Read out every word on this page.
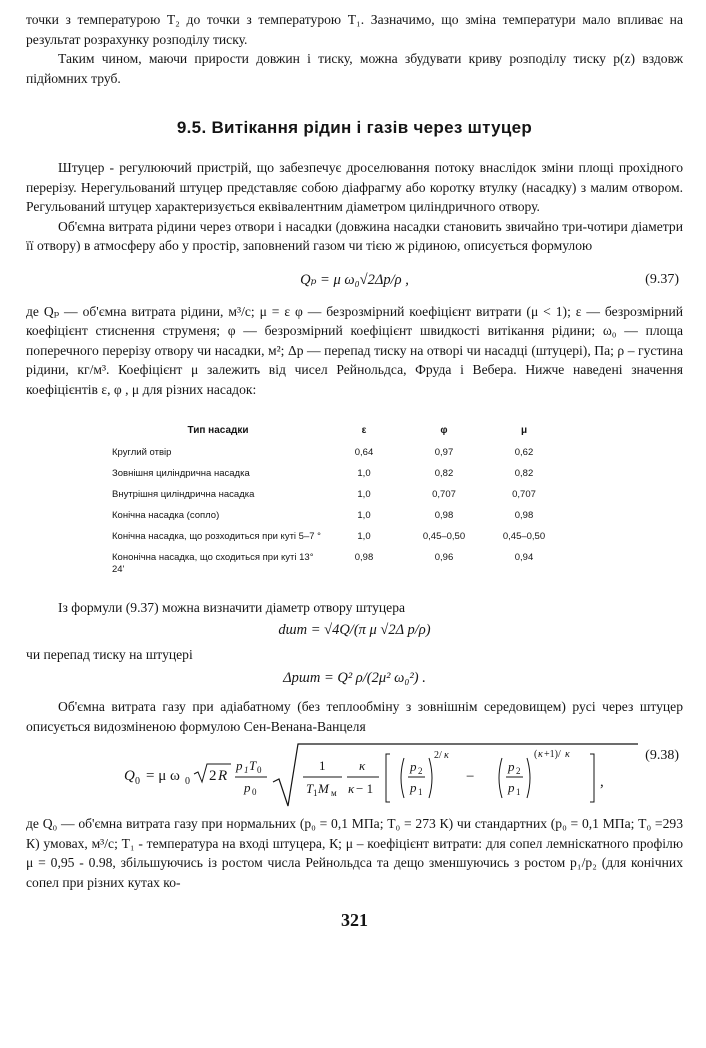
точки з температурою T₂ до точки з температурою T₁. Зазначимо, що зміна температури мало впливає на результат розрахунку розподілу тиску.

Таким чином, маючи прирости довжин і тиску, можна збудувати криву розподілу тиску p(z) вздовж підйомних труб.

9.5. Витікання рідин і газів через штуцер

Штуцер - регулюючий пристрій, що забезпечує дроселювання потоку внаслідок зміни площі прохідного перерізу. Нерегульований штуцер представляє собою діафрагму або коротку втулку (насадку) з малим отвором. Регульований штуцер характеризується еквівалентним діаметром циліндричного отвору.

Об'ємна витрата рідини через отвори і насадки (довжина насадки становить звичайно три-чотири діаметри її отвору) в атмосферу або у простір, заповнений газом чи тією ж рідиною, описується формулою

Qₚ = μ ω₀√2Δp/ρ ,	(9.37)

де Qₚ — об'ємна витрата рідини, м³/с; μ = ε φ — безрозмірний коефіцієнт витрати (μ < 1); ε — безрозмірний коефіцієнт стиснення струменя; φ — безрозмірний коефіцієнт швидкості витікання рідини; ω₀ — площа поперечного перерізу отвору чи насадки, м²; Δp — перепад тиску на отворі чи насадці (штуцері), Па; ρ – густина рідини, кг/м³. Коефіцієнт μ залежить від чисел Рейнольдса, Фруда і Вебера. Нижче наведені значення коефіцієнтів ε, φ , μ для різних насадок:

Тип насадки	ε	φ	μ
Круглий отвір	0,64	0,97	0,62
Зовнішня циліндрична насадка	1,0	0,82	0,82
Внутрішня циліндрична насадка	1,0	0,707	0,707
Конічна насадка (сопло)	1,0	0,98	0,98
Конічна насадка, що розходиться при куті 5–7 °	1,0	0,45–0,50	0,45–0,50
Кононічна насадка, що сходиться при куті 13° 24'	0,98	0,96	0,94

Із формули (9.37) можна визначити діаметр отвору штуцера

dшт = √4Q/(π μ √2Δ p/ρ)

чи перепад тиску на штуцері

Δpшт = Q² ρ/(2μ² ω₀²) .

Об'ємна витрата газу при адіабатному (без теплообміну з зовнішнім середовищем) русі через штуцер описується видозміненою формулою Сен-Венана-Ванцеля

Q 0 = μ ω 0 2 R
p 1 T 0
p 0
1
T 1 M м
κ
κ − 1
p 2
p 1
2/ κ
−
p 2
p 1
( κ +1)/ κ
,
(9.38)

де Q₀ — об'ємна витрата газу при нормальних (p₀ = 0,1 МПа; T₀ = 273 К) чи стандартних (p₀ = 0,1 МПа; T₀ =293 К) умовах, м³/с; T₁ - температура на вході штуцера, К; μ – коефіцієнт витрати: для сопел лемніскатного профілю μ = 0,95 - 0.98, збільшуючись із ростом числа Рейнольдса та дещо зменшуючись з ростом p₁/p₂ (для конічних сопел при різних кутах ко-

321
